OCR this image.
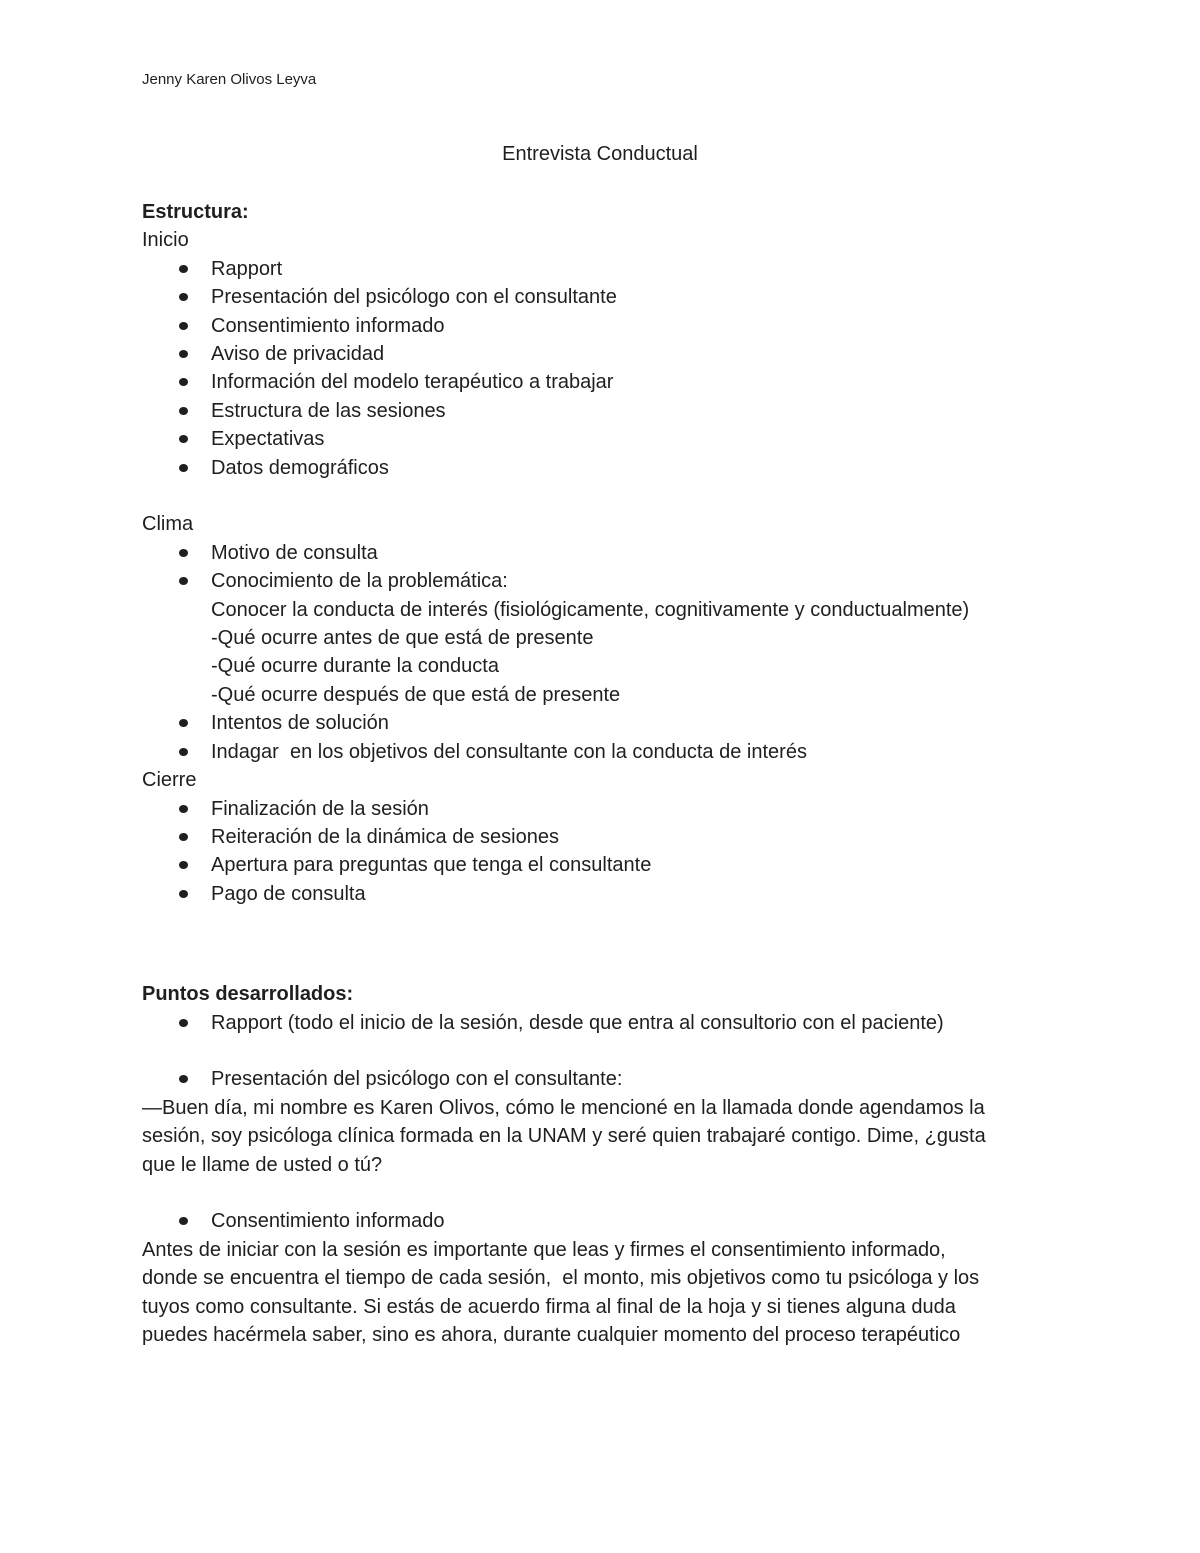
Jenny Karen Olivos Leyva
Entrevista Conductual
Estructura:
Inicio
Rapport
Presentación del psicólogo con el consultante
Consentimiento informado
Aviso de privacidad
Información del modelo terapéutico a trabajar
Estructura de las sesiones
Expectativas
Datos demográficos
Clima
Motivo de consulta
Conocimiento de la problemática:
Conocer la conducta de interés (fisiológicamente, cognitivamente y conductualmente)
-Qué ocurre antes de que está de presente
-Qué ocurre durante la conducta
-Qué ocurre después de que está de presente
Intentos de solución
Indagar  en los objetivos del consultante con la conducta de interés
Cierre
Finalización de la sesión
Reiteración de la dinámica de sesiones
Apertura para preguntas que tenga el consultante
Pago de consulta
Puntos desarrollados:
Rapport (todo el inicio de la sesión, desde que entra al consultorio con el paciente)
Presentación del psicólogo con el consultante:
—Buen día, mi nombre es Karen Olivos, cómo le mencioné en la llamada donde agendamos la
sesión, soy psicóloga clínica formada en la UNAM y seré quien trabajaré contigo. Dime, ¿gusta
que le llame de usted o tú?
Consentimiento informado
Antes de iniciar con la sesión es importante que leas y firmes el consentimiento informado,
donde se encuentra el tiempo de cada sesión,  el monto, mis objetivos como tu psicóloga y los
tuyos como consultante. Si estás de acuerdo firma al final de la hoja y si tienes alguna duda
puedes hacérmela saber, sino es ahora, durante cualquier momento del proceso terapéutico
